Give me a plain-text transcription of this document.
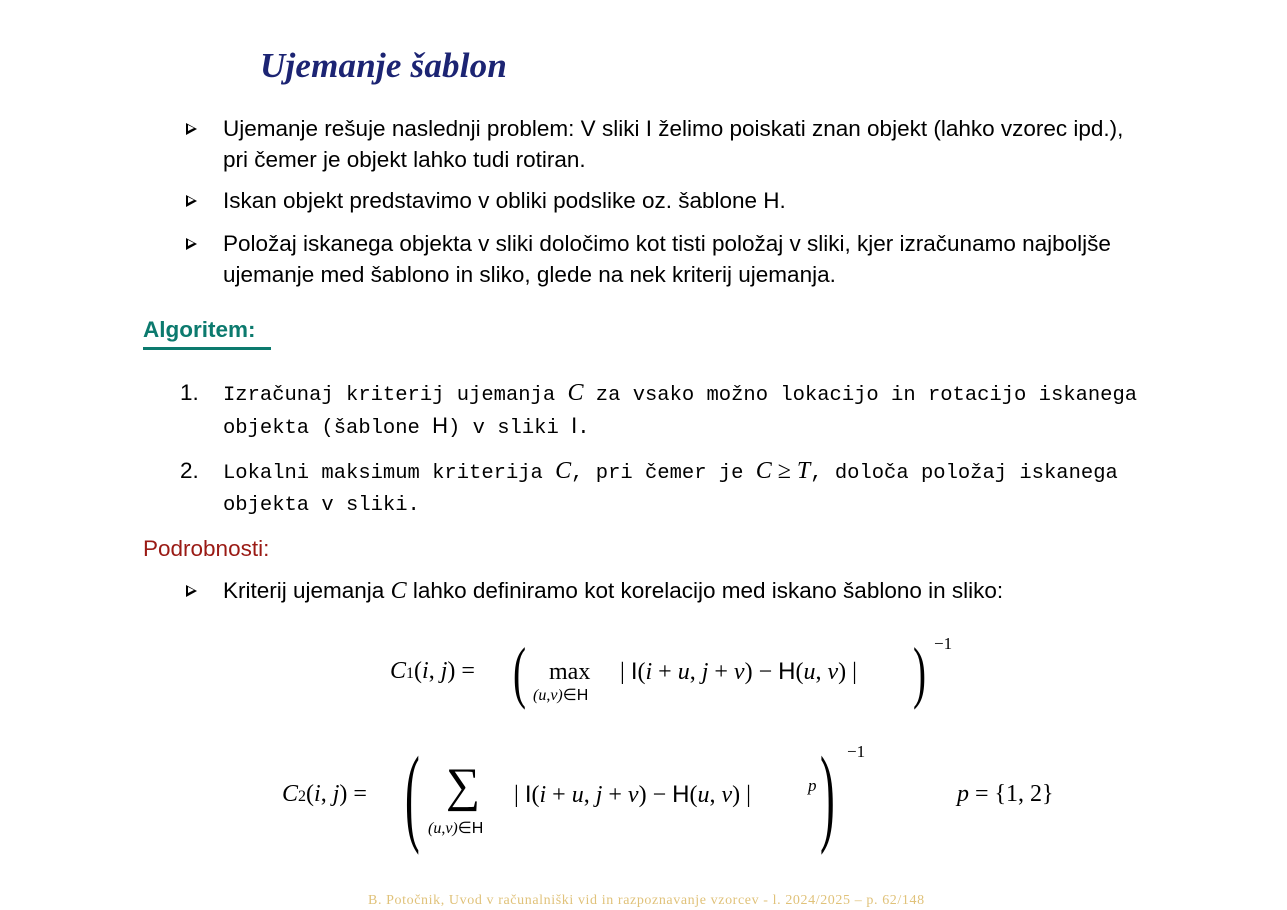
Ujemanje šablon
Ujemanje rešuje naslednji problem: V sliki I želimo poiskati znan objekt (lahko vzorec ipd.), pri čemer je objekt lahko tudi rotiran.
Iskan objekt predstavimo v obliki podslike oz. šablone H.
Položaj iskanega objekta v sliki določimo kot tisti položaj v sliki, kjer izračunamo najboljše ujemanje med šablono in sliko, glede na nek kriterij ujemanja.
Algoritem:
1. Izračunaj kriterij ujemanja C za vsako možno lokacijo in rotacijo iskanega objekta (šablone H) v sliki I.
2. Lokalni maksimum kriterija C, pri čemer je C ≥ T, določa položaj iskanega objekta v sliki.
Podrobnosti:
Kriterij ujemanja C lahko definiramo kot korelacijo med iskano šablono in sliko:
C1(i, j) = ( max
(u,v)∈H
| I(i + u, j + v) − H(u, v) | ) −1
C2(i, j) = ( ∑
(u,v)∈H
| I(i + u, j + v) − H(u, v) |	p ) −1
p = {1, 2}
B. Potočnik, Uvod v računalniški vid in razpoznavanje vzorcev - l. 2024/2025 – p. 62/148
